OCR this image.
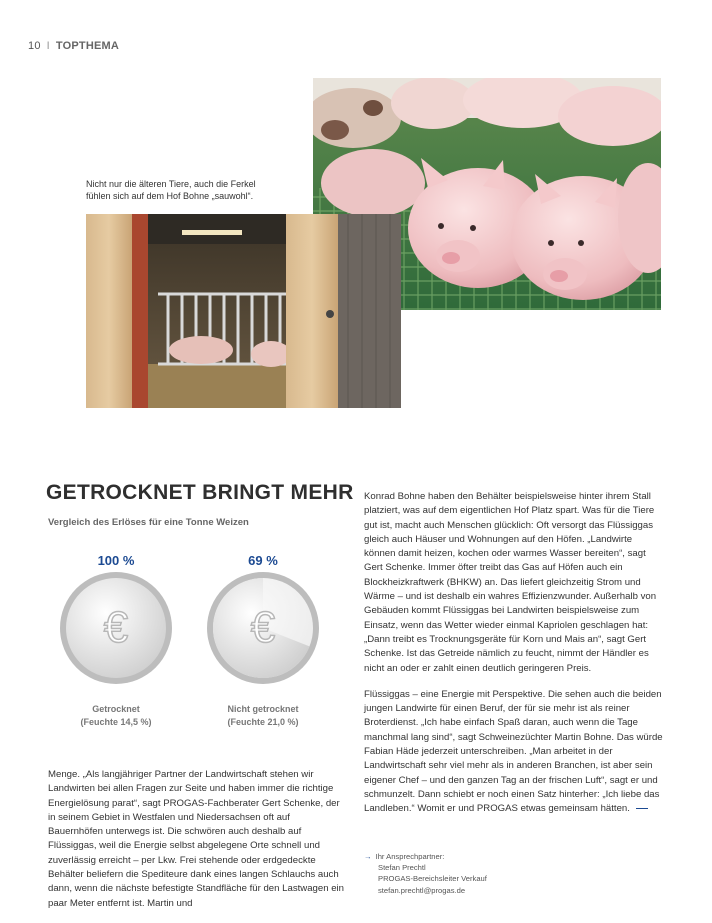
10 I TOPTHEMA
Nicht nur die älteren Tiere, auch die Ferkel
fühlen sich auf dem Hof Bohne „sauwohl“.
GETROCKNET BRINGT MEHR
Vergleich des Erlöses für eine Tonne Weizen
100 %	69 %
€	€
Getrocknet
(Feuchte 14,5 %)
Nicht getrocknet
(Feuchte 21,0 %)

Menge. „Als langjähriger Partner der Landwirtschaft stehen wir Landwirten bei allen Fragen zur Seite und haben immer die richtige Energielösung parat“, sagt PROGAS-Fachberater Gert Schenke, der in seinem Gebiet in Westfalen und Niedersachsen oft auf Bauernhöfen unterwegs ist. Die schwören auch deshalb auf Flüssiggas, weil die Energie selbst abgelegene Orte schnell und zuverlässig erreicht – per Lkw. Frei stehende oder erdgedeckte Behälter beliefern die Spediteure dank eines langen Schlauchs auch dann, wenn die nächste befestigte Standfläche für den Lastwagen ein paar Meter entfernt ist. Martin und

Konrad Bohne haben den Behälter beispielsweise hinter ihrem Stall platziert, was auf dem eigentlichen Hof Platz spart. Was für die Tiere gut ist, macht auch Menschen glücklich: Oft versorgt das Flüssiggas gleich auch Häuser und Wohnungen auf den Höfen. „Landwirte können damit heizen, kochen oder warmes Wasser bereiten“, sagt Gert Schenke. Immer öfter treibt das Gas auf Höfen auch ein Blockheizkraftwerk (BHKW) an. Das liefert gleichzeitig Strom und Wärme – und ist deshalb ein wahres Effizienzwunder. Außerhalb von Gebäuden kommt Flüssiggas bei Landwirten beispielsweise zum Einsatz, wenn das Wetter wieder einmal Kapriolen geschlagen hat: „Dann treibt es Trocknungsgeräte für Korn und Mais an“, sagt Gert Schenke. Ist das Getreide nämlich zu feucht, nimmt der Händler es nicht an oder er zahlt einen deutlich geringeren Preis.

Flüssiggas – eine Energie mit Perspektive. Die sehen auch die beiden jungen Landwirte für einen Beruf, der für sie mehr ist als reiner Broterdienst. „Ich habe einfach Spaß daran, auch wenn die Tage manchmal lang sind“, sagt Schweinezüchter Martin Bohne. Das würde Fabian Häde jederzeit unterschreiben. „Man arbeitet in der Landwirtschaft sehr viel mehr als in anderen Branchen, ist aber sein eigener Chef – und den ganzen Tag an der frischen Luft“, sagt er und schmunzelt. Dann schiebt er noch einen Satz hinterher: „Ich liebe das Landleben.“ Womit er und PROGAS etwas gemeinsam hätten.

→ Ihr Ansprechpartner:
Stefan Prechtl
PROGAS-Bereichsleiter Verkauf
stefan.prechtl@progas.de
